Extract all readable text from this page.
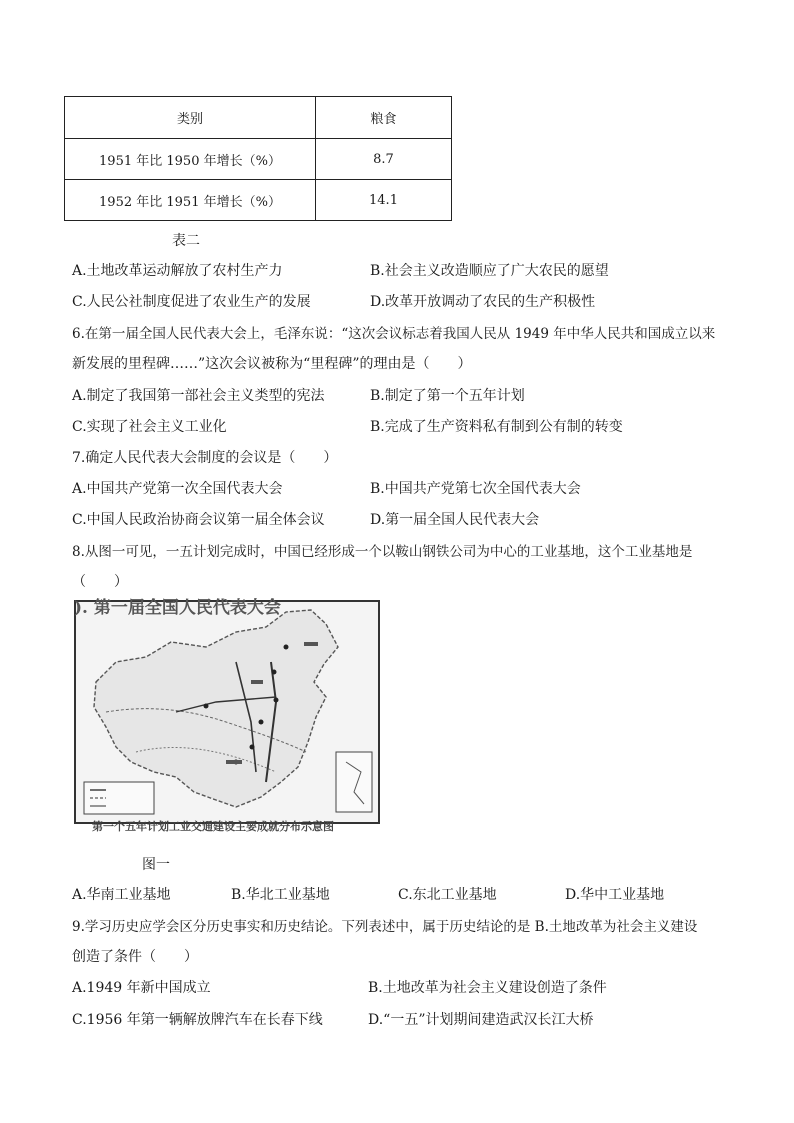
类别	粮食
1951 年比 1950 年增长（%）	8.7
1952 年比 1951 年增长（%）	14.1
表二
A.土地改革运动解放了农村生产力	B.社会主义改造顺应了广大农民的愿望
C.人民公社制度促进了农业生产的发展	D.改革开放调动了农民的生产积极性
6.在第一届全国人民代表大会上，毛泽东说：“这次会议标志着我国人民从 1949 年中华人民共和国成立以来
新发展的里程碑……”这次会议被称为“里程碑”的理由是（　　）
A.制定了我国第一部社会主义类型的宪法	B.制定了第一个五年计划
C.实现了社会主义工业化	B.完成了生产资料私有制到公有制的转变
7.确定人民代表大会制度的会议是（　　）
A.中国共产党第一次全国代表大会	B.中国共产党第七次全国代表大会
C.中国人民政治协商会议第一届全体会议	D.第一届全国人民代表大会
8.从图一可见，一五计划完成时，中国已经形成一个以鞍山钢铁公司为中心的工业基地，这个工业基地是
（　　）
). 第一届全国人民代表大会
第一个五年计划工业交通建设主要成就分布示意图
图一
A.华南工业基地	B.华北工业基地	C.东北工业基地	D.华中工业基地
9.学习历史应学会区分历史事实和历史结论。下列表述中，属于历史结论的是 B.土地改革为社会主义建设
创造了条件（　　）
A.1949 年新中国成立	B.土地改革为社会主义建设创造了条件
C.1956 年第一辆解放牌汽车在长春下线	D.“一五”计划期间建造武汉长江大桥
